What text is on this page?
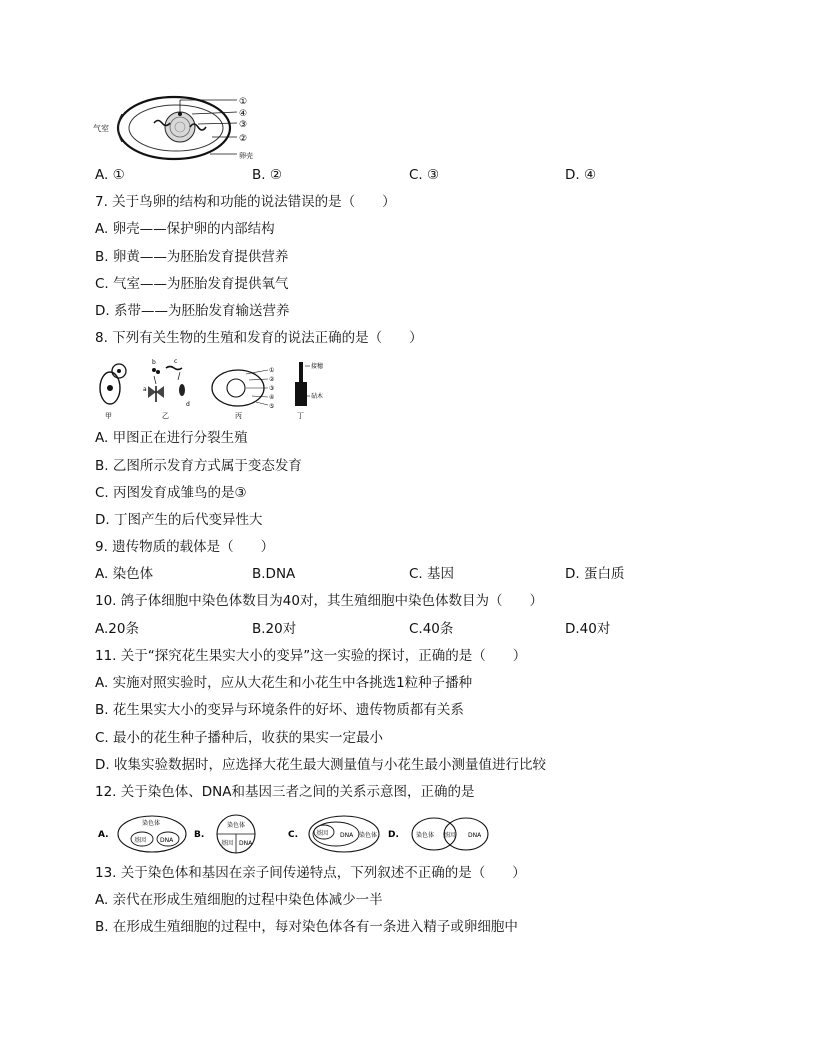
①
④
③
②
卵壳
气室
A. ①	B. ②	C. ③	D. ④
7. 关于鸟卵的结构和功能的说法错误的是（　　）
A. 卵壳——保护卵的内部结构
B. 卵黄——为胚胎发育提供营养
C. 气室——为胚胎发育提供氧气
D. 系带——为胚胎发育输送营养
8. 下列有关生物的生殖和发育的说法正确的是（　　）
甲
b	c
a
d
乙
①
②
③
④
⑤
丙
接穗
砧木
丁
A. 甲图正在进行分裂生殖
B. 乙图所示发育方式属于变态发育
C. 丙图发育成雏鸟的是③
D. 丁图产生的后代变异性大
9. 遗传物质的载体是（　　）
A. 染色体	B.DNA	C. 基因	D. 蛋白质
10. 鸽子体细胞中染色体数目为40对，其生殖细胞中染色体数目为（　　）
A.20条	B.20对	C.40条	D.40对
11. 关于“探究花生果实大小的变异”这一实验的探讨，正确的是（　　）
A. 实施对照实验时，应从大花生和小花生中各挑选1粒种子播种
B. 花生果实大小的变异与环境条件的好坏、遗传物质都有关系
C. 最小的花生种子播种后，收获的果实一定最小
D. 收集实验数据时，应选择大花生最大测量值与小花生最小测量值进行比较
12. 关于染色体、DNA和基因三者之间的关系示意图，正确的是
A.
染色体
基因 DNA
B.
染色体
基因 DNA
C.	基因 DNA 染色体 D.	染色体 基因 DNA
13. 关于染色体和基因在亲子间传递特点，下列叙述不正确的是（　　）
A. 亲代在形成生殖细胞的过程中染色体减少一半
B. 在形成生殖细胞的过程中，每对染色体各有一条进入精子或卵细胞中
